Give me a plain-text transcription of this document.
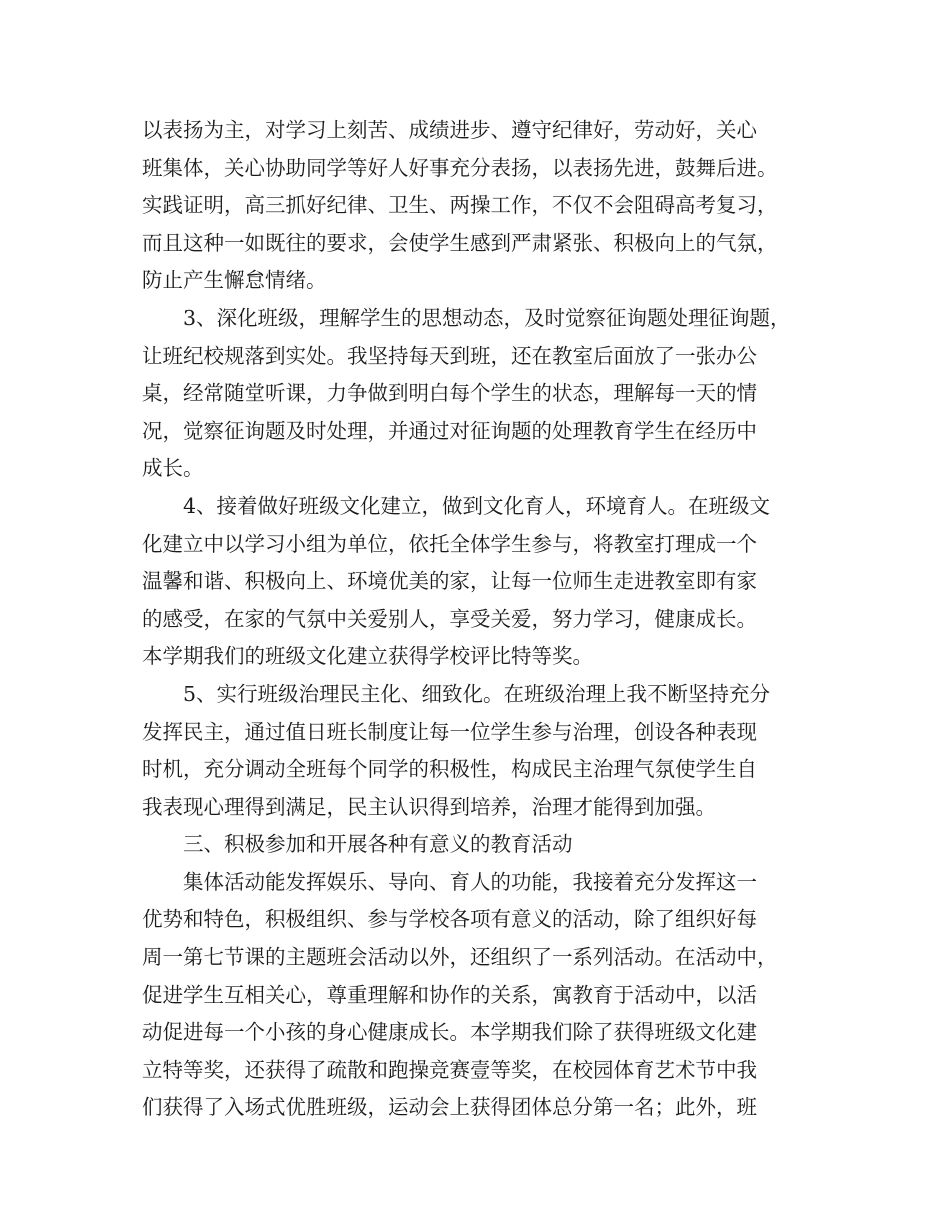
以表扬为主，对学习上刻苦、成绩进步、遵守纪律好，劳动好，关心
班集体，关心协助同学等好人好事充分表扬，以表扬先进，鼓舞后进。
实践证明，高三抓好纪律、卫生、两操工作，不仅不会阻碍高考复习，
而且这种一如既往的要求，会使学生感到严肃紧张、积极向上的气氛，
防止产生懈怠情绪。
3、深化班级，理解学生的思想动态，及时觉察征询题处理征询题，
让班纪校规落到实处。我坚持每天到班，还在教室后面放了一张办公
桌，经常随堂听课，力争做到明白每个学生的状态，理解每一天的情
况，觉察征询题及时处理，并通过对征询题的处理教育学生在经历中
成长。
4、接着做好班级文化建立，做到文化育人，环境育人。在班级文
化建立中以学习小组为单位，依托全体学生参与，将教室打理成一个
温馨和谐、积极向上、环境优美的家，让每一位师生走进教室即有家
的感受，在家的气氛中关爱别人，享受关爱，努力学习，健康成长。
本学期我们的班级文化建立获得学校评比特等奖。
5、实行班级治理民主化、细致化。在班级治理上我不断坚持充分
发挥民主，通过值日班长制度让每一位学生参与治理，创设各种表现
时机，充分调动全班每个同学的积极性，构成民主治理气氛使学生自
我表现心理得到满足，民主认识得到培养，治理才能得到加强。
三、积极参加和开展各种有意义的教育活动
集体活动能发挥娱乐、导向、育人的功能，我接着充分发挥这一
优势和特色，积极组织、参与学校各项有意义的活动，除了组织好每
周一第七节课的主题班会活动以外，还组织了一系列活动。在活动中，
促进学生互相关心，尊重理解和协作的关系，寓教育于活动中，以活
动促进每一个小孩的身心健康成长。本学期我们除了获得班级文化建
立特等奖，还获得了疏散和跑操竞赛壹等奖，在校园体育艺术节中我
们获得了入场式优胜班级，运动会上获得团体总分第一名；此外，班
